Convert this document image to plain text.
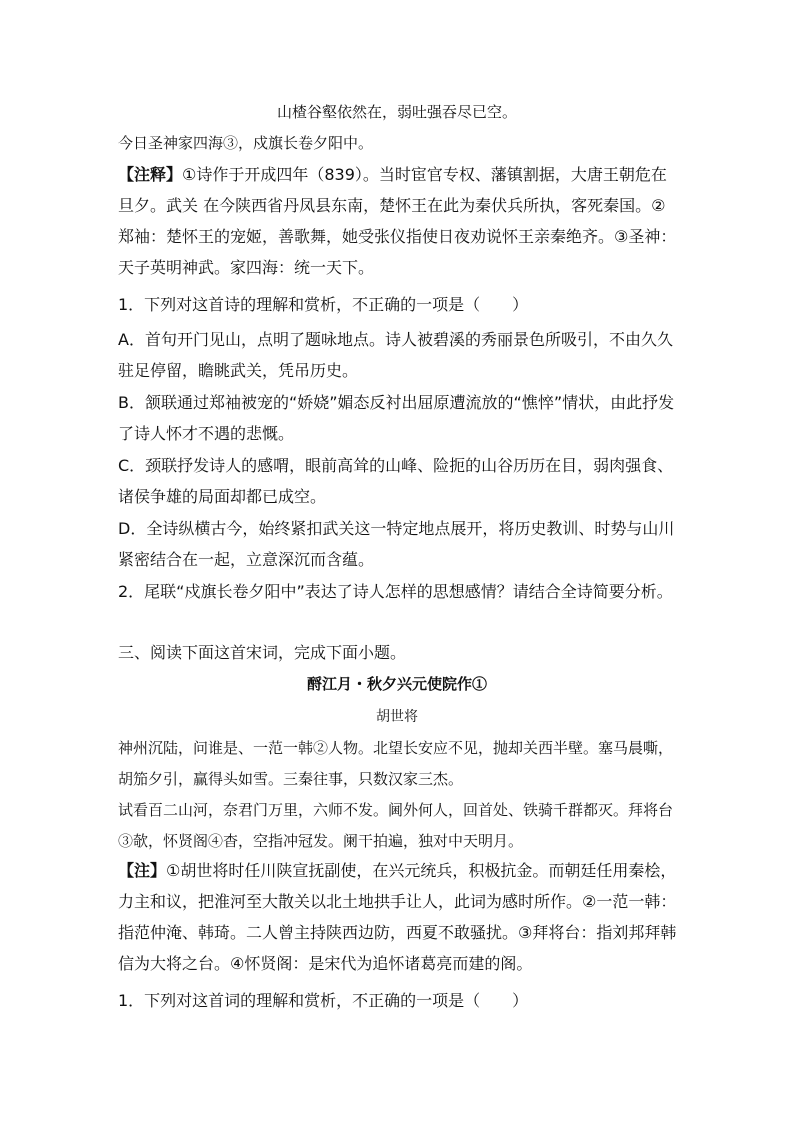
山楂谷壑依然在，弱吐强吞尽已空。
今日圣神家四海③，戍旗长卷夕阳中。
【注释】①诗作于开成四年（839）。当时宦官专权、藩镇割据，大唐王朝危在旦夕。武关 在今陕西省丹凤县东南，楚怀王在此为秦伏兵所执，客死秦国。②郑袖：楚怀王的宠姬，善歌舞，她受张仪指使日夜劝说怀王亲秦绝齐。③圣神：天子英明神武。家四海：统一天下。
1．下列对这首诗的理解和赏析，不正确的一项是（　　）
A．首句开门见山，点明了题咏地点。诗人被碧溪的秀丽景色所吸引，不由久久驻足停留，瞻眺武关，凭吊历史。
B．颔联通过郑袖被宠的“娇娆”媚态反衬出屈原遭流放的“憔悴”情状，由此抒发了诗人怀才不遇的悲慨。
C．颈联抒发诗人的感喟，眼前高耸的山峰、险扼的山谷历历在目，弱肉强食、诸侯争雄的局面却都已成空。
D．全诗纵横古今，始终紧扣武关这一特定地点展开，将历史教训、时势与山川紧密结合在一起，立意深沉而含蕴。
2．尾联“戍旗长卷夕阳中”表达了诗人怎样的思想感情？请结合全诗简要分析。
三、阅读下面这首宋词，完成下面小题。
酹江月・秋夕兴元使院作①
胡世将
神州沉陆，问谁是、一范一韩②人物。北望长安应不见，抛却关西半壁。塞马晨嘶，胡笳夕引，赢得头如雪。三秦往事，只数汉家三杰。
试看百二山河，奈君门万里，六师不发。阃外何人，回首处、铁骑千群都灭。拜将台③欹，怀贤阁④杳，空指冲冠发。阑干拍遍，独对中天明月。
【注】①胡世将时任川陕宣抚副使，在兴元统兵，积极抗金。而朝廷任用秦桧，力主和议，把淮河至大散关以北土地拱手让人，此词为感时所作。②一范一韩：指范仲淹、韩琦。二人曾主持陕西边防，西夏不敢骚扰。③拜将台：指刘邦拜韩信为大将之台。④怀贤阁：是宋代为追怀诸葛亮而建的阁。
1．下列对这首词的理解和赏析，不正确的一项是（　　）
